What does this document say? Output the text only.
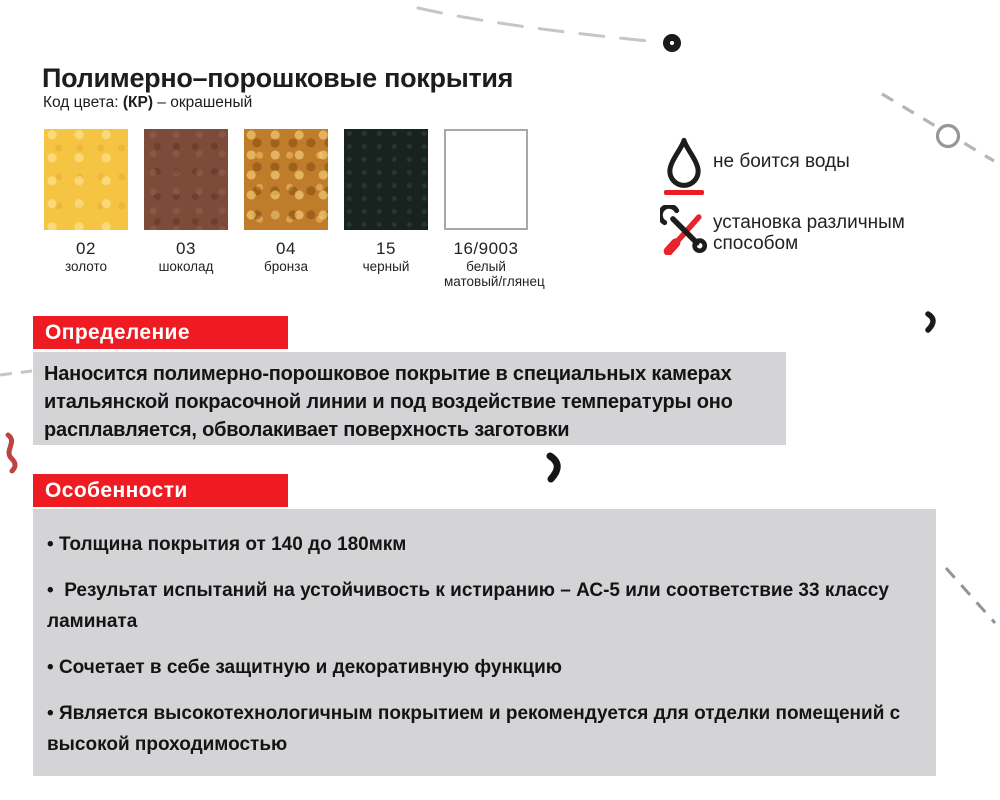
Полимерно–порошковые покрытия
Код цвета: (КР) – окрашеный
02
золото
03
шоколад
04
бронза
15
черный
16/9003
белый
матовый/глянец
не боится воды
установка различным способом
Определение
Наносится полимерно-порошковое покрытие в специальных камерах итальянской покрасочной линии и под воздействие температуры оно расплавляется, обволакивает поверхность заготовки
Особенности

• Толщина покрытия от 140 до 180мкм

•  Результат испытаний на устойчивость к истиранию – АС-5 или соответствие 33 классу ламината

• Сочетает в себе защитную и декоративную функцию

• Является высокотехнологичным покрытием и рекомендуется для отделки помещений с высокой проходимостью
